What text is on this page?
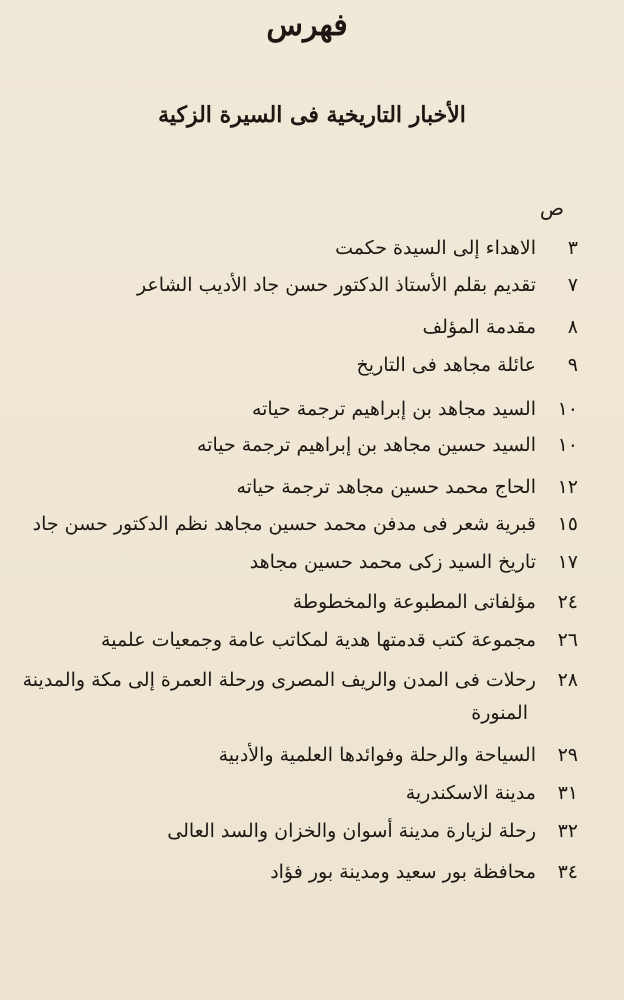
فهرس
الأخبار التاريخية فى السيرة الزكية
ص
٣
الاهداء إلى السيدة حكمت
٧
تقديم بقلم الأستاذ الدكتور حسن جاد الأديب الشاعر
٨
مقدمة المؤلف
٩
عائلة مجاهد فى التاريخ
١٠
السيد مجاهد بن إبراهيم ترجمة حياته
١٠
السيد حسين مجاهد بن إبراهيم ترجمة حياته
١٢
الحاج محمد حسين مجاهد ترجمة حياته
١٥
قبرية شعر فى مدفن محمد حسين مجاهد نظم الدكتور حسن جاد
١٧
تاريخ السيد زكى محمد حسين مجاهد
٢٤
مؤلفاتى المطبوعة والمخطوطة
٢٦
مجموعة كتب قدمتها هدية لمكاتب عامة وجمعيات علمية
٢٨
رحلات فى المدن والريف المصرى ورحلة العمرة إلى مكة والمدينة
المنورة
٢٩
السياحة والرحلة وفوائدها العلمية والأدبية
٣١
مدينة الاسكندرية
٣٢
رحلة لزيارة مدينة أسوان والخزان والسد العالى
٣٤
محافظة بور سعيد ومدينة بور فؤاد
